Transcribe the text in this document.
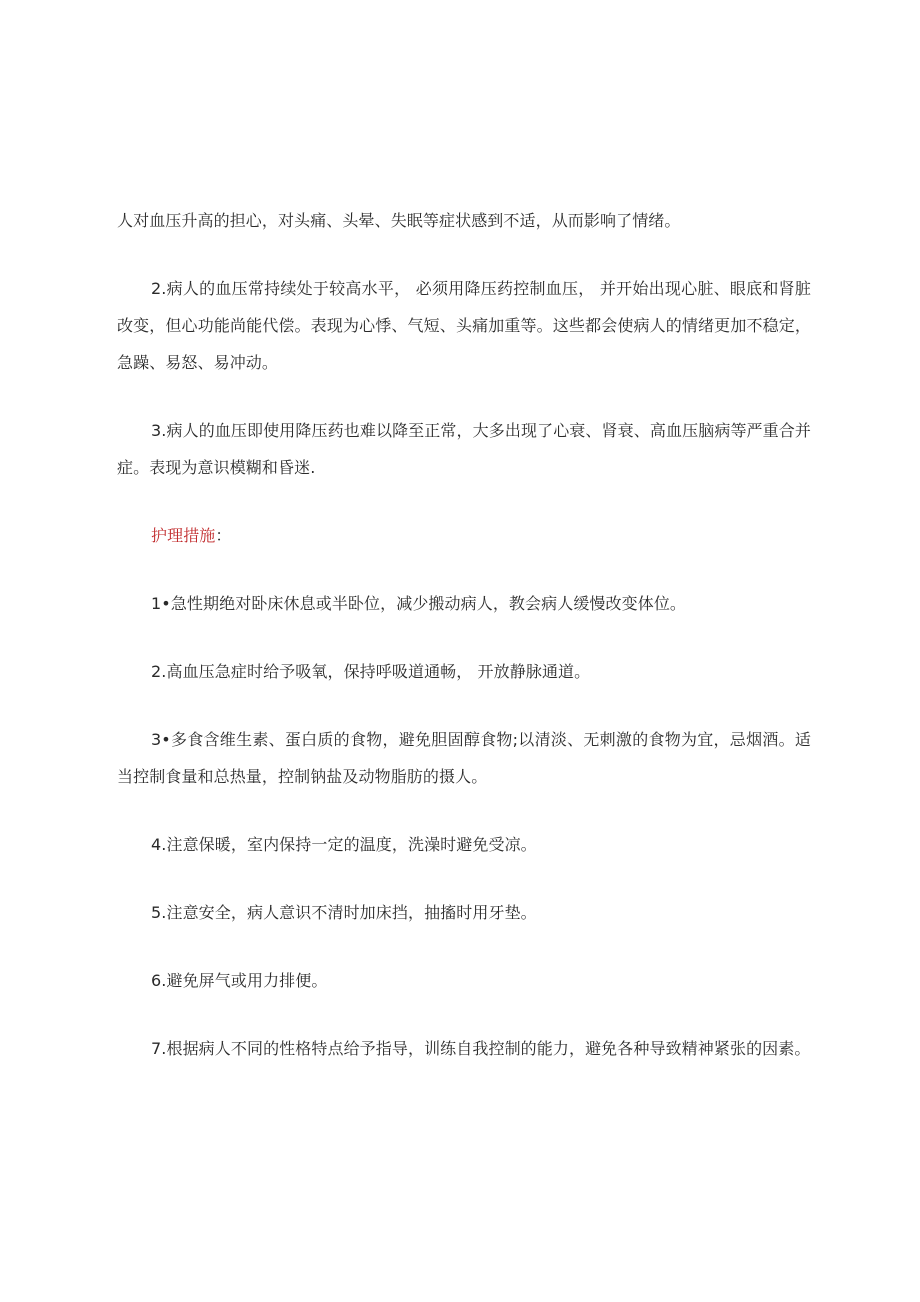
人对血压升高的担心，对头痛、头晕、失眠等症状感到不适，从而影响了情绪。

2.病人的血压常持续处于较高水平， 必须用降压药控制血压， 并开始出现心脏、眼底和肾脏改变，但心功能尚能代偿。表现为心悸、气短、头痛加重等。这些都会使病人的情绪更加不稳定，急躁、易怒、易冲动。

3.病人的血压即使用降压药也难以降至正常，大多出现了心衰、肾衰、高血压脑病等严重合并症。表现为意识模糊和昏迷.

护理措施：

1•急性期绝对卧床休息或半卧位，减少搬动病人，教会病人缓慢改变体位。

2.高血压急症时给予吸氧，保持呼吸道通畅， 开放静脉通道。

3•多食含维生素、蛋白质的食物，避免胆固醇食物;以清淡、无刺激的食物为宜，忌烟酒。适当控制食量和总热量，控制钠盐及动物脂肪的摄人。

4.注意保暖，室内保持一定的温度，洗澡时避免受凉。

5.注意安全，病人意识不清时加床挡，抽搐时用牙垫。

6.避免屏气或用力排便。

7.根据病人不同的性格特点给予指导，训练自我控制的能力，避免各种导致精神紧张的因素。
